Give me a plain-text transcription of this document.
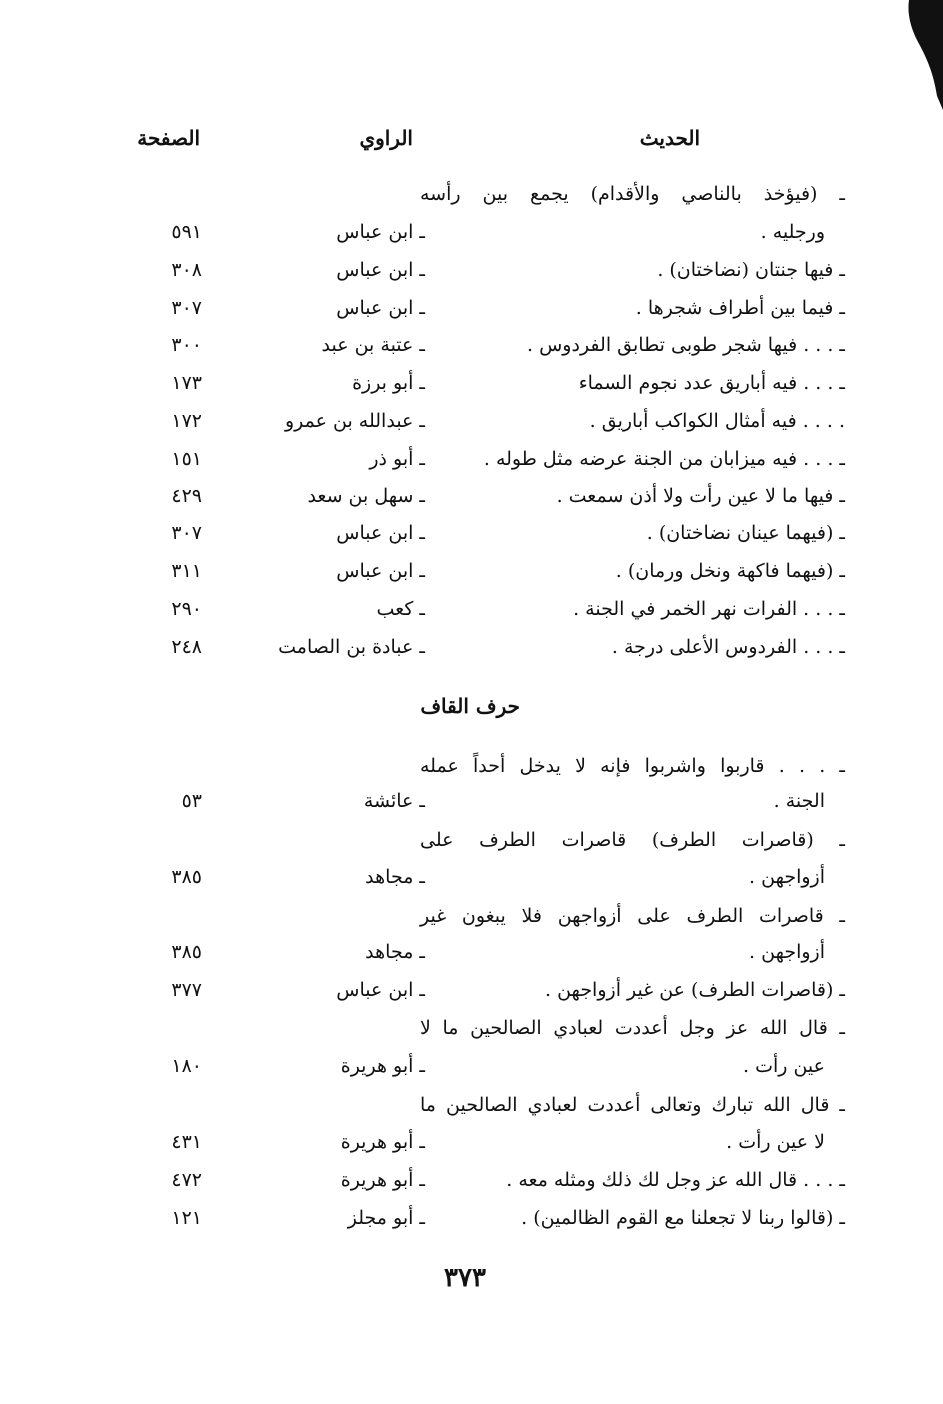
الحديث
الراوي
الصفحة
ـ (فيؤخذ بالناصي والأقدام) يجمع بين رأسه
ورجليه .
ـ ابن عباس
٥٩١
ـ فيها جنتان (نضاختان) .
ـ ابن عباس
٣٠٨
ـ فيما بين أطراف شجرها .
ـ ابن عباس
٣٠٧
ـ . . . فيها شجر طوبى تطابق الفردوس .
ـ عتبة بن عبد
٣٠٠
ـ . . . فيه أباريق عدد نجوم السماء
ـ أبو برزة
١٧٣
. . . . فيه أمثال الكواكب أباريق .
ـ عبدالله بن عمرو
١٧٢
ـ . . . فيه ميزابان من الجنة عرضه مثل طوله .
ـ أبو ذر
١٥١
ـ فيها ما لا عين رأت ولا أذن سمعت .
ـ سهل بن سعد
٤٢٩
ـ (فيهما عينان نضاختان) .
ـ ابن عباس
٣٠٧
ـ (فيهما فاكهة ونخل ورمان) .
ـ ابن عباس
٣١١
ـ . . . الفرات نهر الخمر في الجنة .
ـ كعب
٢٩٠
ـ . . . الفردوس الأعلى درجة .
ـ عبادة بن الصامت
٢٤٨
حرف القاف
ـ . . . قاربوا واشربوا فإنه لا يدخل أحداً عمله
الجنة .
ـ عائشة
٥٣
ـ (قاصرات الطرف) قاصرات الطرف على
أزواجهن .
ـ مجاهد
٣٨٥
ـ قاصرات الطرف على أزواجهن فلا يبغون غير
أزواجهن .
ـ مجاهد
٣٨٥
ـ (قاصرات الطرف) عن غير أزواجهن .
ـ ابن عباس
٣٧٧
ـ قال الله عز وجل أعددت لعبادي الصالحين ما لا
عين رأت .
ـ أبو هريرة
١٨٠
ـ قال الله تبارك وتعالى أعددت لعبادي الصالحين ما
لا عين رأت .
ـ أبو هريرة
٤٣١
ـ . . . قال الله عز وجل لك ذلك ومثله معه .
ـ أبو هريرة
٤٧٢
ـ (قالوا ربنا لا تجعلنا مع القوم الظالمين) .
ـ أبو مجلز
١٢١
٣٧٣
